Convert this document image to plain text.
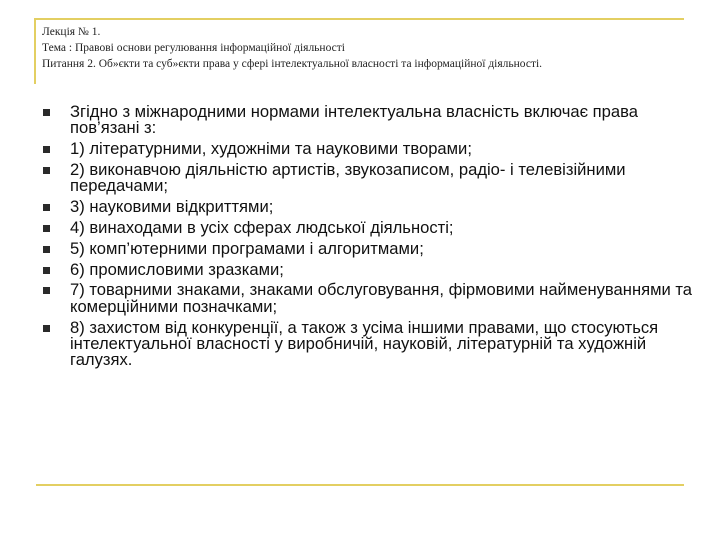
Лекція № 1.
Тема : Правові основи регулювання інформаційної діяльності
Питання 2. Об»єкти та суб»єкти права у сфері інтелектуальної власності та інформаційної діяльності.
Згідно з міжнародними нормами інтелектуальна власність включає права пов’язані з:
1) літературними, художніми та науковими творами;
2) виконавчою діяльністю артистів, звукозаписом, радіо- і телевізійними передачами;
3) науковими відкриттями;
4) винаходами в усіх сферах людської діяльності;
5) комп’ютерними програмами і алгоритмами;
6) промисловими зразками;
7) товарними знаками, знаками обслуговування, фірмовими найменуваннями та комерційними позначками;
8) захистом від конкуренції, а також з усіма іншими правами, що стосуються інтелектуальної власності у виробничій, науковій, літературній та художній галузях.
